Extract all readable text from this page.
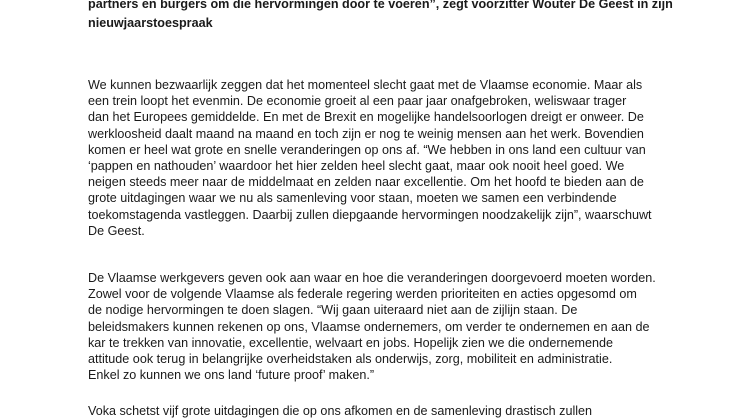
partners en burgers om die hervormingen door te voeren”, zegt voorzitter Wouter De Geest in zijn
nieuwjaarstoespraak

We kunnen bezwaarlijk zeggen dat het momenteel slecht gaat met de Vlaamse economie. Maar als
een trein loopt het evenmin. De economie groeit al een paar jaar onafgebroken, weliswaar trager
dan het Europees gemiddelde. En met de Brexit en mogelijke handelsoorlogen dreigt er onweer. De
werkloosheid daalt maand na maand en toch zijn er nog te weinig mensen aan het werk. Bovendien
komen er heel wat grote en snelle veranderingen op ons af. “We hebben in ons land een cultuur van
‘pappen en nathouden’ waardoor het hier zelden heel slecht gaat, maar ook nooit heel goed. We
neigen steeds meer naar de middelmaat en zelden naar excellentie. Om het hoofd te bieden aan de
grote uitdagingen waar we nu als samenleving voor staan, moeten we samen een verbindende
toekomstagenda vastleggen. Daarbij zullen diepgaande hervormingen noodzakelijk zijn”, waarschuwt
De Geest.

De Vlaamse werkgevers geven ook aan waar en hoe die veranderingen doorgevoerd moeten worden.
Zowel voor de volgende Vlaamse als federale regering werden prioriteiten en acties opgesomd om
de nodige hervormingen te doen slagen. “Wij gaan uiteraard niet aan de zijlijn staan. De
beleidsmakers kunnen rekenen op ons, Vlaamse ondernemers, om verder te ondernemen en aan de
kar te trekken van innovatie, excellentie, welvaart en jobs. Hopelijk zien we die ondernemende
attitude ook terug in belangrijke overheidstaken als onderwijs, zorg, mobiliteit en administratie.
Enkel zo kunnen we ons land ‘future proof’ maken.”

Voka schetst vijf grote uitdagingen die op ons afkomen en de samenleving drastisch zullen
